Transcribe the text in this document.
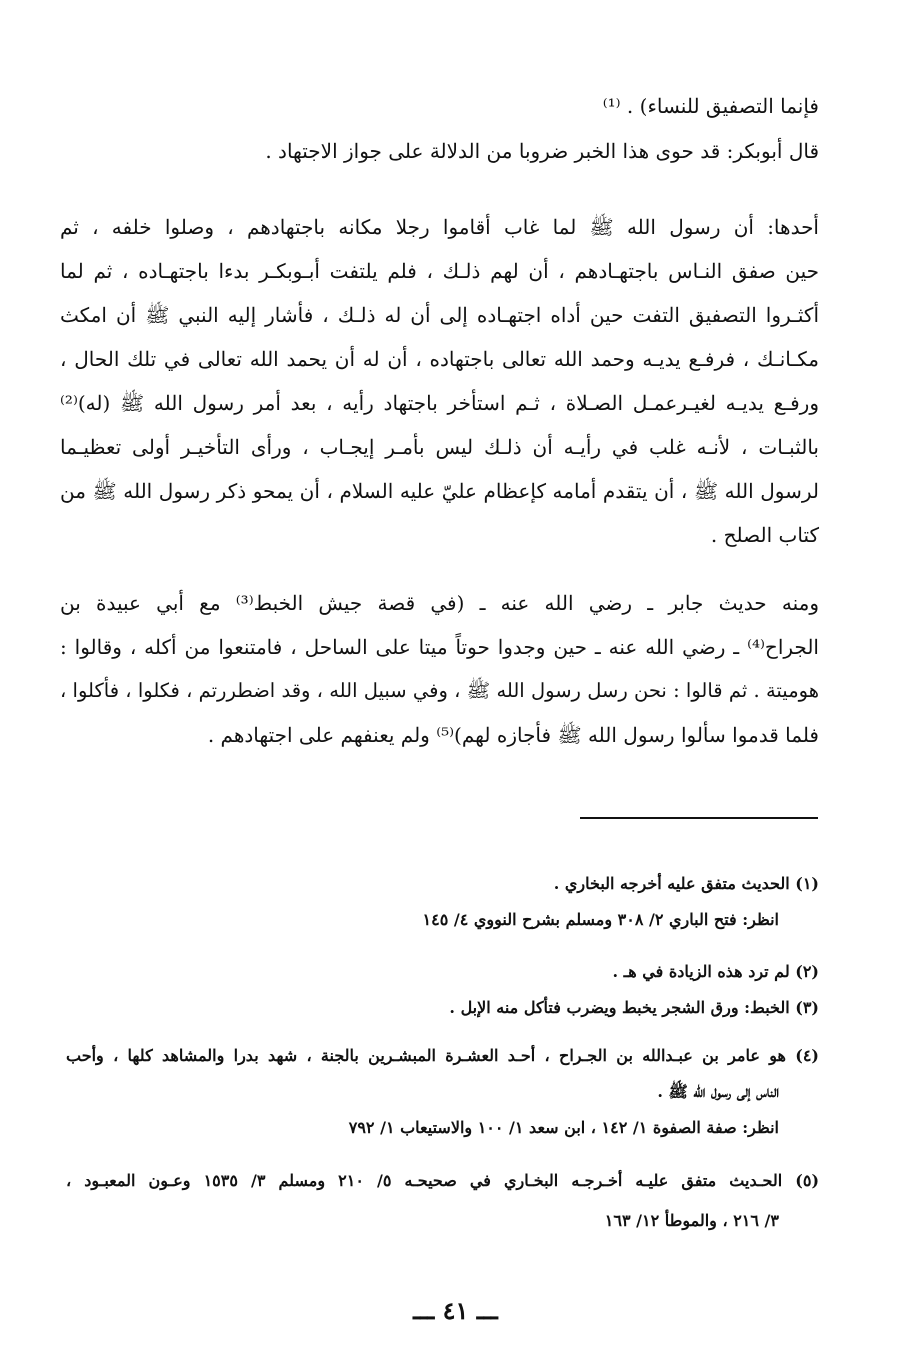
فإنما التصفيق للنساء) . ⁽¹⁾
قال أبوبكر: قد حوى هذا الخبر ضروبا من الدلالة على جواز الاجتهاد .
أحدها: أن رسول الله ﷺ لما غاب أقاموا رجلا مكانه باجتهادهم ، وصلوا خلفه ، ثم
حين صفق النـاس باجتهـادهم ، أن لهم ذلـك ، فلم يلتفت أبـوبكـر بدءا باجتهـاده ، ثم لما
أكثـروا التصفيق التفت حين أداه اجتهـاده إلى أن له ذلـك ، فأشار إليه النبي ﷺ أن امكث
مكـانـك ، فرفـع يديـه وحمد الله تعالى باجتهاده ، أن له أن يحمد الله تعالى في تلك الحال ،
ورفـع يديـه لغيـرعمـل الصـلاة ، ثـم استأخر باجتهاد رأيه ، بعد أمر رسول الله ﷺ (له)⁽²⁾
بالثبـات ، لأنـه غلب في رأيـه أن ذلـك ليس بأمـر إيجـاب ، ورأى التأخيـر أولى تعظيـما
لرسول الله ﷺ ، أن يتقدم أمامه كإعظام عليّ عليه السلام ، أن يمحو ذكر رسول الله ﷺ من
كتاب الصلح .
ومنه حديث جابر ـ رضي الله عنه ـ (في قصة جيش الخبط⁽³⁾ مع أبي عبيدة بن
الجراح⁽⁴⁾ ـ رضي الله عنه ـ حين وجدوا حوتاً ميتا على الساحل ، فامتنعوا من أكله ، وقالوا :
هوميتة . ثم قالوا : نحن رسل رسول الله ﷺ ، وفي سبيل الله ، وقد اضطررتم ، فكلوا ، فأكلوا ،
فلما قدموا سألوا رسول الله ﷺ فأجازه لهم)⁽⁵⁾ ولم يعنفهم على اجتهادهم .
(١) الحديث متفق عليه أخرجه البخاري .
انظر: فتح الباري ٢/ ٣٠٨ ومسلم بشرح النووي ٤/ ١٤٥
(٢) لم ترد هذه الزيادة في هـ .
(٣) الخبط: ورق الشجر يخبط ويضرب فتأكل منه الإبل .
(٤) هو عامر بن عبـدالله بن الجـراح ، أحـد العشـرة المبشـرين بالجنة ، شهد بدرا والمشاهد كلها ، وأحب
الناس إلى رسول الله ﷺ .
انظر: صفة الصفوة ١/ ١٤٢ ، ابن سعد ١/ ١٠٠ والاستيعاب ١/ ٧٩٢
(٥) الحـديث متفق عليـه أخـرجـه البخـاري في صحيحـه ٥/ ٢١٠ ومسلم ٣/ ١٥٣٥ وعـون المعبـود ،
٣/ ٢١٦ ، والموطأ ١٢/ ١٦٣
ـــ ٤١ ـــ
